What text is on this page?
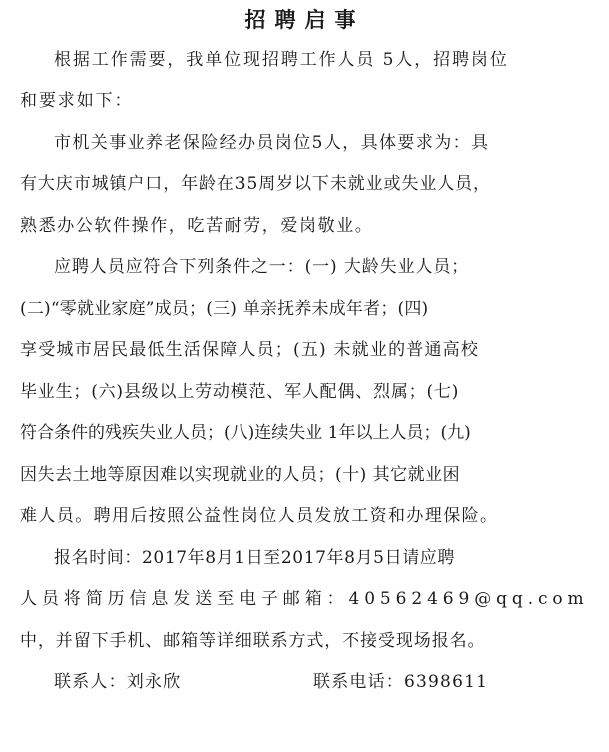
招聘启事
根据工作需要，我单位现招聘工作人员 5人，招聘岗位
和要求如下：
市机关事业养老保险经办员岗位5人，具体要求为：具
有大庆市城镇户口，年龄在35周岁以下未就业或失业人员，
熟悉办公软件操作，吃苦耐劳，爱岗敬业。
应聘人员应符合下列条件之一：(一) 大龄失业人员；
(二)“零就业家庭”成员；(三) 单亲抚养未成年者；(四)
享受城市居民最低生活保障人员；(五) 未就业的普通高校
毕业生；(六)县级以上劳动模范、军人配偶、烈属；(七)
符合条件的残疾失业人员；(八)连续失业 1年以上人员；(九)
因失去土地等原因难以实现就业的人员；(十) 其它就业困
难人员。聘用后按照公益性岗位人员发放工资和办理保险。
报名时间：2017年8月1日至2017年8月5日请应聘
人员将简历信息发送至电子邮箱：40562469@qq.com
中，并留下手机、邮箱等详细联系方式，不接受现场报名。
联系人：刘永欣	联系电话：6398611
